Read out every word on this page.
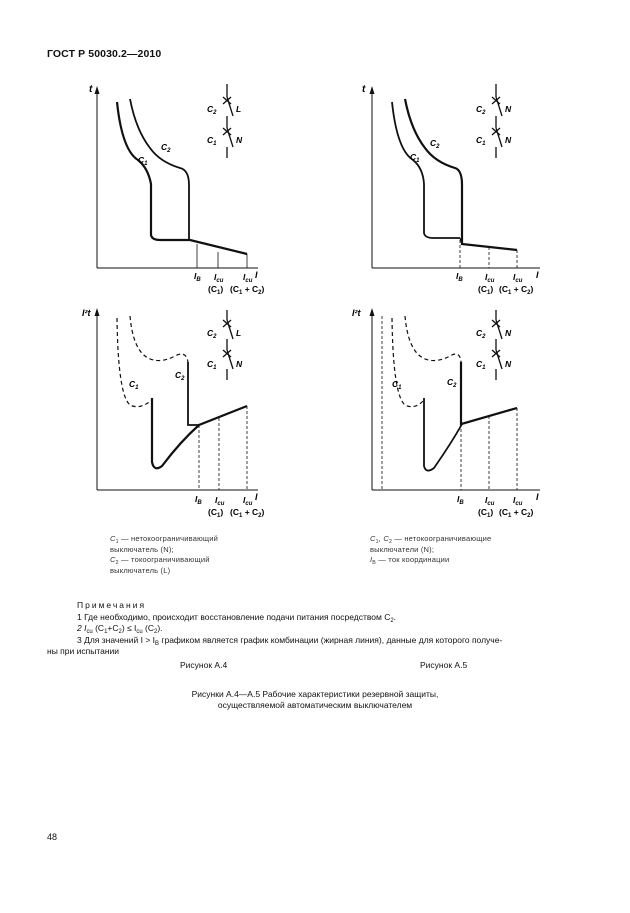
ГОСТ Р 50030.2—2010
t
I
$C_1$
$C_2$
$I_B$ $I_{cu}$ $I_{cu}$
$(C_1) (C_1 + C_2)$
$C_2$ L
$C_1$ N
t
I
$C_1$
$C_2$
$I_B$	$I_{cu}$ $I_{cu}$
$(C_1) (C_1 + C_2)$
$C_2$ N
$C_1$ N
I²t
I
$C_1$
$C_2$
$I_B$ $I_{cu}$ $I_{cu}$
$(C_1) (C_1 + C_2)$
$C_2$ L
$C_1$ N
I²t
I
$C_1$
$C_2$
$I_B$	$I_{cu}$ $I_{cu}$
$(C_1) (C_1 + C_2)$
$C_2$ N
$C_1$ N
$C_1$ — нетокоограничивающий
выключатель (N);
$C_2$ — токоограничивающий
выключатель (L)
$C_1$, $C_2$ — нетокоограничивающие
выключатели (N);
$I_B$ — ток координации
Примечания
1 Где необходимо, происходит восстановление подачи питания посредством $C_2$.
2 $I_{cu}$ $(C_1+C_2) \le I_{cu}$ $(C_2)$.
3 Для значений $I > I_B$ графиком является график комбинации (жирная линия), данные для которого получе-
ны при испытании
Рисунок А.4	Рисунок А.5
Рисунки А.4—А.5 Рабочие характеристики резервной защиты,
осуществляемой автоматическим выключателем
48
